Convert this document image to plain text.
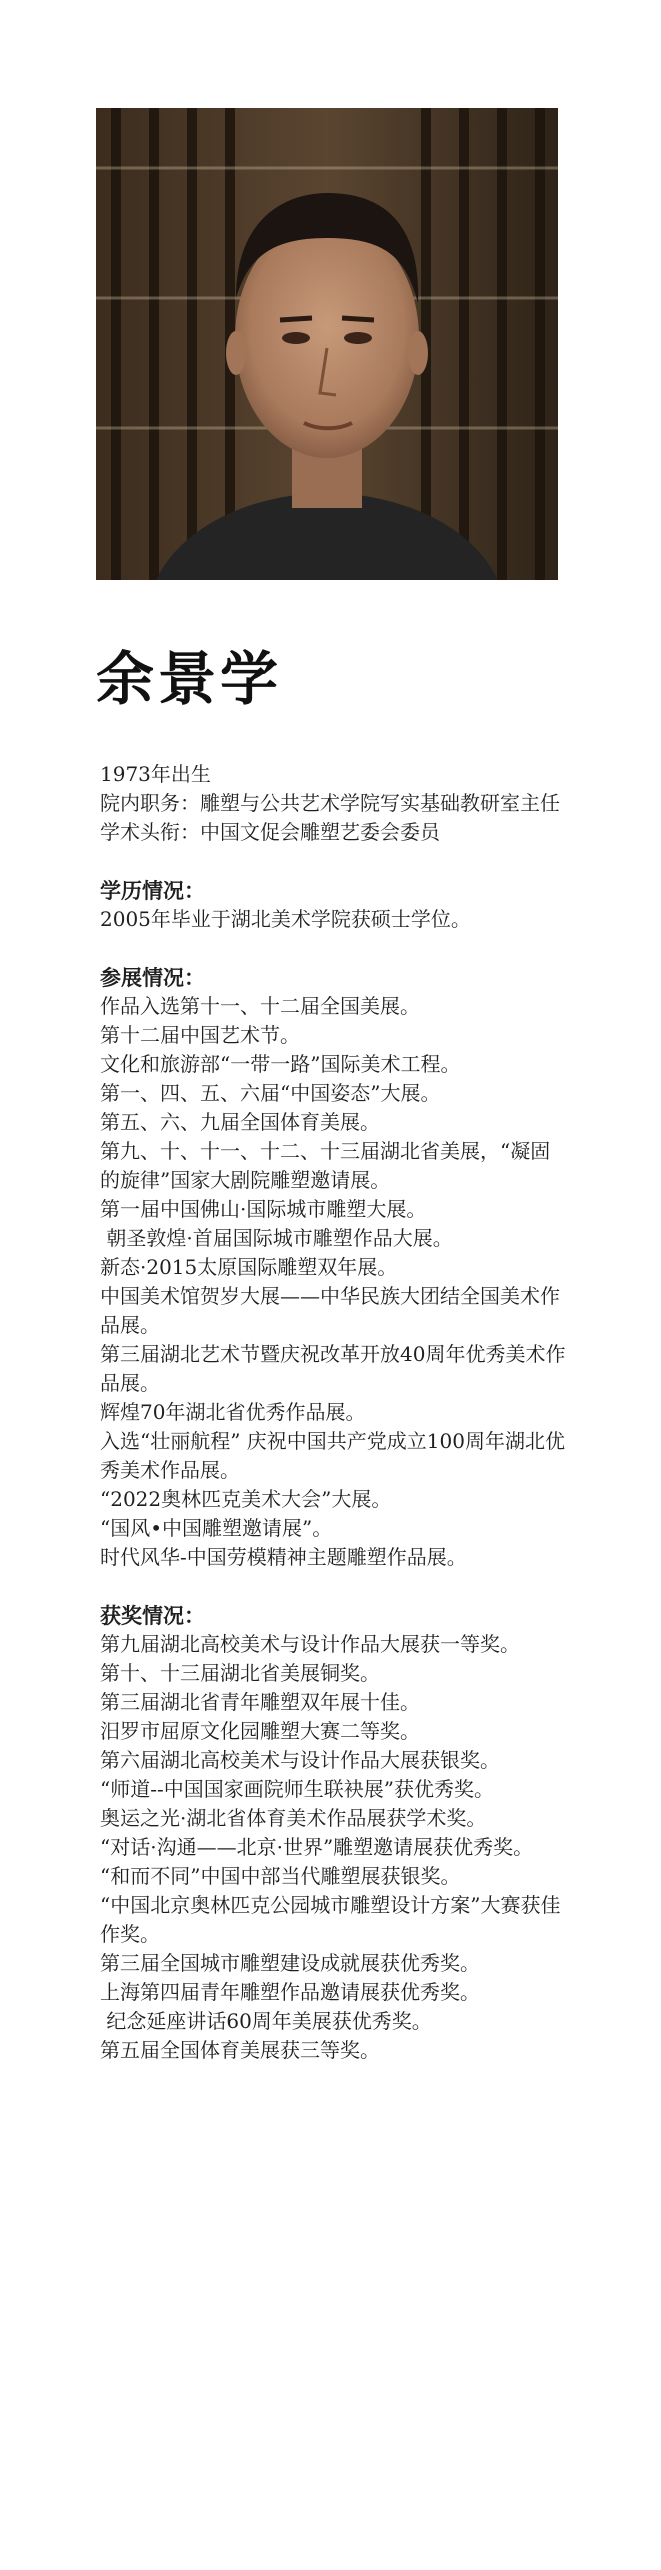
余景学
1973年出生
院内职务：雕塑与公共艺术学院写实基础教研室主任
学术头衔：中国文促会雕塑艺委会委员
学历情况：
2005年毕业于湖北美术学院获硕士学位。
参展情况：
作品入选第十一、十二届全国美展。
第十二届中国艺术节。
文化和旅游部“一带一路”国际美术工程。
第一、四、五、六届“中国姿态”大展。
第五、六、九届全国体育美展。
第九、十、十一、十二、十三届湖北省美展，“凝固的旋律”国家大剧院雕塑邀请展。
第一届中国佛山·国际城市雕塑大展。
朝圣敦煌·首届国际城市雕塑作品大展。
新态·2015太原国际雕塑双年展。
中国美术馆贺岁大展——中华民族大团结全国美术作品展。
第三届湖北艺术节暨庆祝改革开放40周年优秀美术作品展。
辉煌70年湖北省优秀作品展。
入选“壮丽航程” 庆祝中国共产党成立100周年湖北优秀美术作品展。
“2022奥林匹克美术大会”大展。
“国风•中国雕塑邀请展”。
时代风华-中国劳模精神主题雕塑作品展。
获奖情况：
第九届湖北高校美术与设计作品大展获一等奖。
第十、十三届湖北省美展铜奖。
第三届湖北省青年雕塑双年展十佳。
汨罗市屈原文化园雕塑大赛二等奖。
第六届湖北高校美术与设计作品大展获银奖。
“师道--中国国家画院师生联袂展”获优秀奖。
奥运之光·湖北省体育美术作品展获学术奖。
“对话·沟通——北京·世界”雕塑邀请展获优秀奖。
“和而不同”中国中部当代雕塑展获银奖。
“中国北京奥林匹克公园城市雕塑设计方案”大赛获佳作奖。
第三届全国城市雕塑建设成就展获优秀奖。
上海第四届青年雕塑作品邀请展获优秀奖。
纪念延座讲话60周年美展获优秀奖。
第五届全国体育美展获三等奖。
